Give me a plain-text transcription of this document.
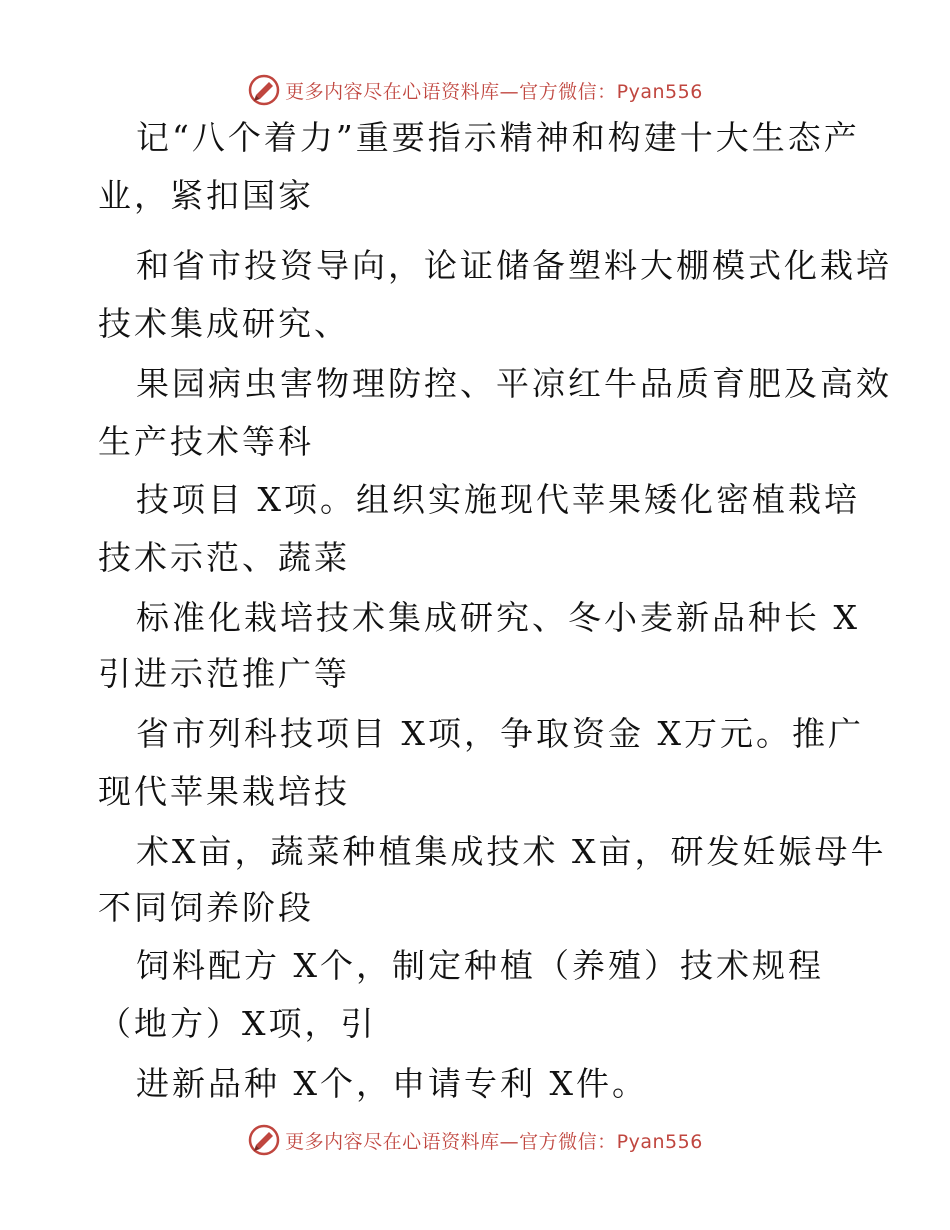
更多内容尽在心语资料库—官方微信：Pyan556
记“八个着力”重要指示精神和构建十大生态产
业，紧扣国家
和省市投资导向，论证储备塑料大棚模式化栽培
技术集成研究、
果园病虫害物理防控、平凉红牛品质育肥及高效
生产技术等科
技项目 X项。组织实施现代苹果矮化密植栽培
技术示范、蔬菜
标准化栽培技术集成研究、冬小麦新品种长 X
引进示范推广等
省市列科技项目 X项，争取资金 X万元。推广
现代苹果栽培技
术X亩，蔬菜种植集成技术 X亩，研发妊娠母牛
不同饲养阶段
饲料配方 X个，制定种植（养殖）技术规程
（地方）X项，引
进新品种 X个，申请专利 X件。
更多内容尽在心语资料库—官方微信：Pyan556
